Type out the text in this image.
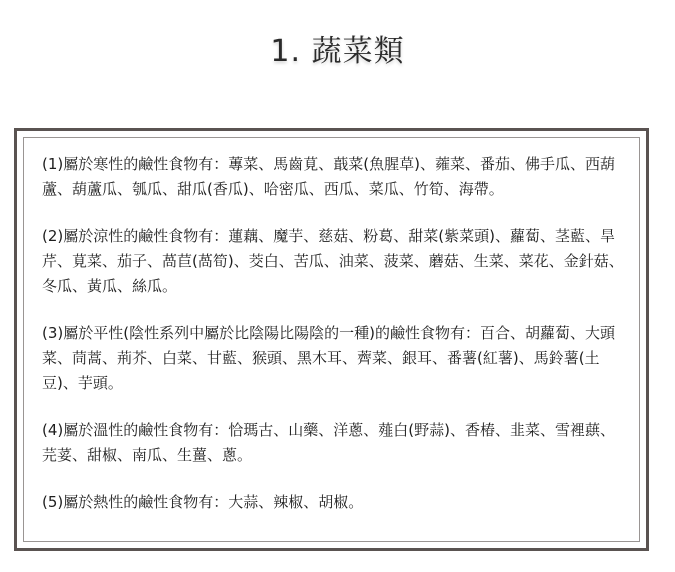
1. 蔬菜類

(1)屬於寒性的鹼性食物有：蓴菜、馬齒莧、蕺菜(魚腥草)、蕹菜、番茄、佛手瓜、西葫蘆、葫蘆瓜、瓠瓜、甜瓜(香瓜)、哈密瓜、西瓜、菜瓜、竹筍、海帶。

(2)屬於涼性的鹼性食物有：蓮藕、魔芋、慈菇、粉葛、甜菜(紫菜頭)、蘿蔔、茎藍、旱芹、莧菜、茄子、萵苣(萵筍)、茭白、苦瓜、油菜、菠菜、蘑菇、生菜、菜花、金針菇、冬瓜、黃瓜、絲瓜。

(3)屬於平性(陰性系列中屬於比陰陽比陽陰的一種)的鹼性食物有：百合、胡蘿蔔、大頭菜、茼蒿、荊芥、白菜、甘藍、猴頭、黑木耳、薺菜、銀耳、番薯(紅薯)、馬鈴薯(土豆)、芋頭。

(4)屬於溫性的鹼性食物有：恰瑪古、山藥、洋蔥、薤白(野蒜)、香椿、韭菜、雪裡蕻、芫荽、甜椒、南瓜、生薑、蔥。

(5)屬於熱性的鹼性食物有：大蒜、辣椒、胡椒。
